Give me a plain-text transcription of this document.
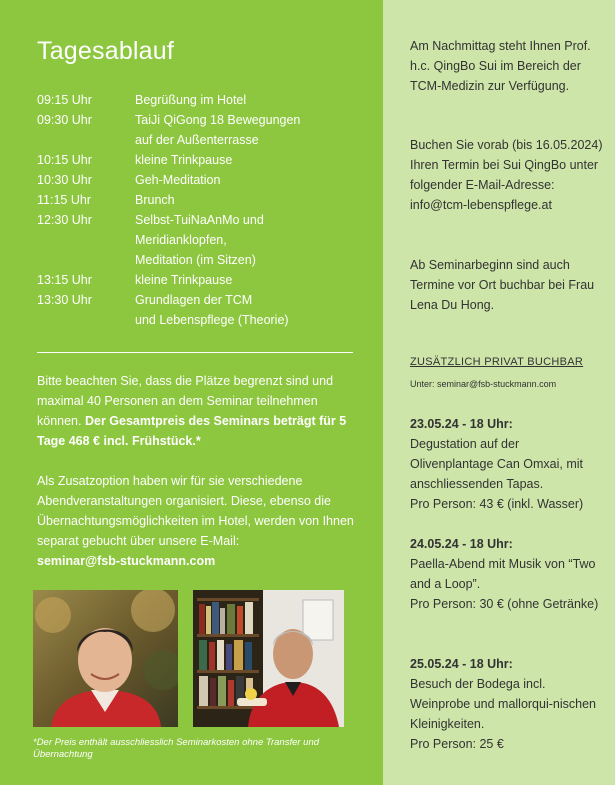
Tagesablauf
09:15 Uhr	Begrüßung im Hotel
09:30 Uhr	TaiJi QiGong 18 Bewegungen
auf der Außenterrasse
10:15 Uhr	kleine Trinkpause
10:30 Uhr	Geh-Meditation
11:15 Uhr	Brunch
12:30 Uhr	Selbst-TuiNaAnMo und
Meridianklopfen,
Meditation (im Sitzen)
13:15 Uhr	kleine Trinkpause
13:30 Uhr	Grundlagen der TCM
und Lebenspflege (Theorie)

Bitte beachten Sie, dass die Plätze begrenzt sind und maximal 40 Personen an dem Seminar teilnehmen können. Der Gesamtpreis des Seminars beträgt für 5 Tage 468 € incl. Frühstück.*

Als Zusatzoption haben wir für sie verschiedene Abendveranstaltungen organisiert. Diese, ebenso die Übernachtungsmöglichkeiten im Hotel, werden von Ihnen separat gebucht über unsere E-Mail:
seminar@fsb-stuckmann.com

*Der Preis enthält ausschliesslich Seminarkosten ohne Transfer und Übernachtung

Am Nachmittag steht Ihnen Prof. h.c. QingBo Sui im Bereich der TCM-Medizin zur Verfügung.

Buchen Sie vorab (bis 16.05.2024) Ihren Termin bei Sui QingBo unter folgender E-Mail-Adresse: info@tcm-lebenspflege.at

Ab Seminarbeginn sind auch Termine vor Ort buchbar bei Frau Lena Du Hong.

ZUSÄTZLICH PRIVAT BUCHBAR
Unter: seminar@fsb-stuckmann.com
23.05.24 - 18 Uhr:
Degustation auf der Olivenplantage Can Omxai, mit anschliessenden Tapas.
Pro Person: 43 € (inkl. Wasser)
24.05.24 - 18 Uhr:
Paella-Abend mit Musik von “Two and a Loop”.
Pro Person: 30 € (ohne Getränke)
25.05.24 - 18 Uhr:
Besuch der Bodega incl. Weinprobe und mallorqui-nischen Kleinigkeiten.
Pro Person: 25 €
